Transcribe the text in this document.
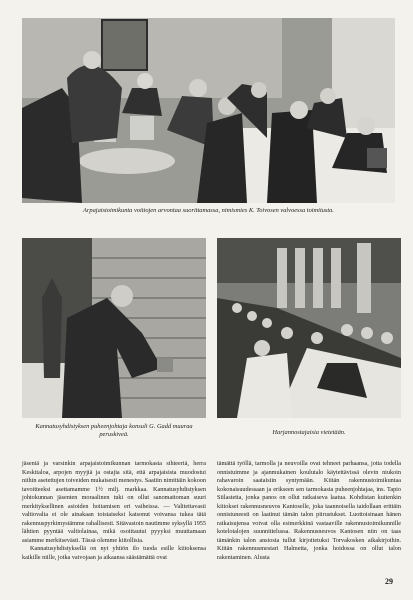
Arpajaistoimikunta voittojen arvontaa suorittamassa, nimismies K. Toivosen valvoessa toimitusta.

Kannatusyhdistyksen puheenjohtaja konsuli G. Gadd muuraa peruskiveä.	Harjannostajaisia vietetään.

jäseniä ja varsinkin arpajaistoimikunnan tarmokasta sihteeriä, herra Keskitaloa, arpojen myyjiä ja ostajia sitä, että arpajaisista muodostui niihin asetettujen toiveiden mukaisesti menestys. Saatiin nimittäin kokoon tavoitteeksi asettamamme 1½ milj. markkaa. Kannatusyhdistyksen johtokunnan jäsenten moraalinen tuki on ollut sanomattoman suuri merkityksellinen asioiden hoitamisen eri vaiheissa. — Valitettavasti valtiovalta ei ole ainakaan toistaiseksi katsonut voivansa tukea tätä rakennuspyrkimystämme rahallisesti. Sitävastoin nautimme syksyllä 1955 lähtien pyyntää valtiolainaa, mikä osoittautui pyyyksi muuttamaan asiamme merkitsevästi. Tässä olemme kiitollisia.

Kannatusyhdistyksellä on nyt yhtiön ilo tuoda esille kiitoksensa kaikille niille, jotka vaivojaan ja aikaansa säästämättä ovat

tämättä työllä, tarmolla ja neuvoilla ovat tehneet parhaansa, jotta todella onnistuimme ja ajanmukainen koulutalo käytettävissä olevin niukoin rahavaroin saataisiin syntymään. Kiitän rakennustoimikuntaa kokonaisuudessaan ja erikseen sen tarmokasta puheenjohtajaa, ins. Tapio Siilastetta, jonka panos on ollut ratkaiseva laatua. Kohdistan kuitenkin kiitokset rakennusneuvos Kantoselle, joka taannoisella taidollaan erittäin onnistuneesti on laatinut tämän talon piirustukset. Luottoisinaan hänen ratkaisujensa voivat olla esimerkkinä vastaaville rakennustoimikunnille kotelotalojen suunnittelussa. Rakennusneuvos Kantosen niin on taas tämänkin talon ansiosta tullut kirjoitetuksi Torvakosken aikakirjoihin. Kiitän rakennusmestari Halmetta, jonka hoidossa on ollut talon rakentaminen. Alusta

29
